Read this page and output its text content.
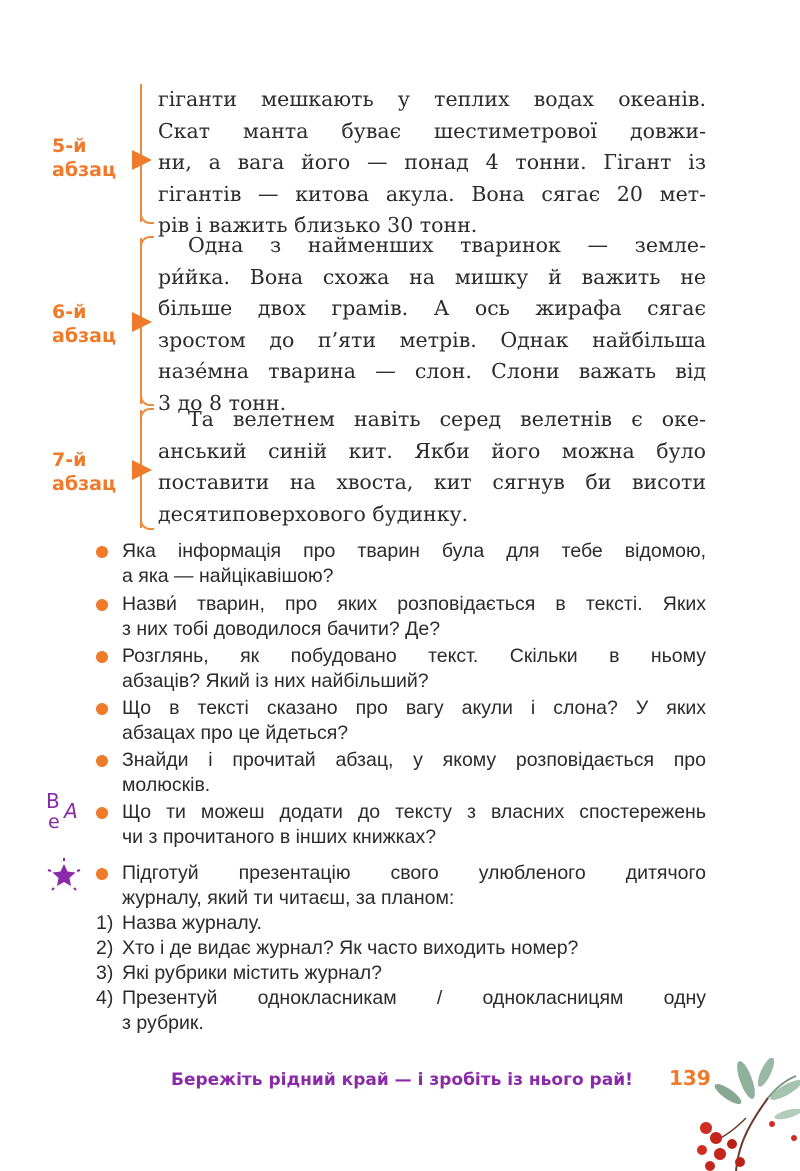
5-й
абзац
гіганти мешкають у теплих водах океанів.
Скат манта буває шестиметрової довжи-
ни, а вага його — понад 4 тонни. Гігант із
гігантів — китова акула. Вона сягає 20 мет-
рів і важить близько 30 тонн.
6-й
абзац
Одна з найменших тваринок — земле-
ри́йка. Вона схожа на мишку й важить не
більше двох грамів. А ось жирафа сягає
зростом до п’яти метрів. Однак найбільша
назе́мна тварина — слон. Слони важать від
3 до 8 тонн.
7-й
абзац
Та велетнем навіть серед велетнів є оке-
анський синій кит. Якби його можна було
поставити на хвоста, кит сягнув би висоти
десятиповерхового будинку.
Яка інформація про тварин була для тебе відомою,
а яка — найцікавішою?
Назви́ тварин, про яких розповідається в тексті. Яких
з них тобі доводилося бачити? Де?
Розглянь, як побудовано текст. Скільки в ньому
абзаців? Який із них найбільший?
Що в тексті сказано про вагу акули і слона? У яких
абзацах про це йдеться?
Знайди і прочитай абзац, у якому розповідається про
молюсків.
В А
е	Що ти можеш додати до тексту з власних спостережень
чи з прочитаного в інших книжках?
Підготуй презентацію свого улюбленого дитячого
журналу, який ти читаєш, за планом:
1) Назва журналу.
2) Хто і де видає журнал? Як часто виходить номер?
3) Які рубрики містить журнал?
4) Презентуй однокласникам / однокласницям одну
з рубрик.
Бережіть рідний край — і зробіть із нього рай! 139
